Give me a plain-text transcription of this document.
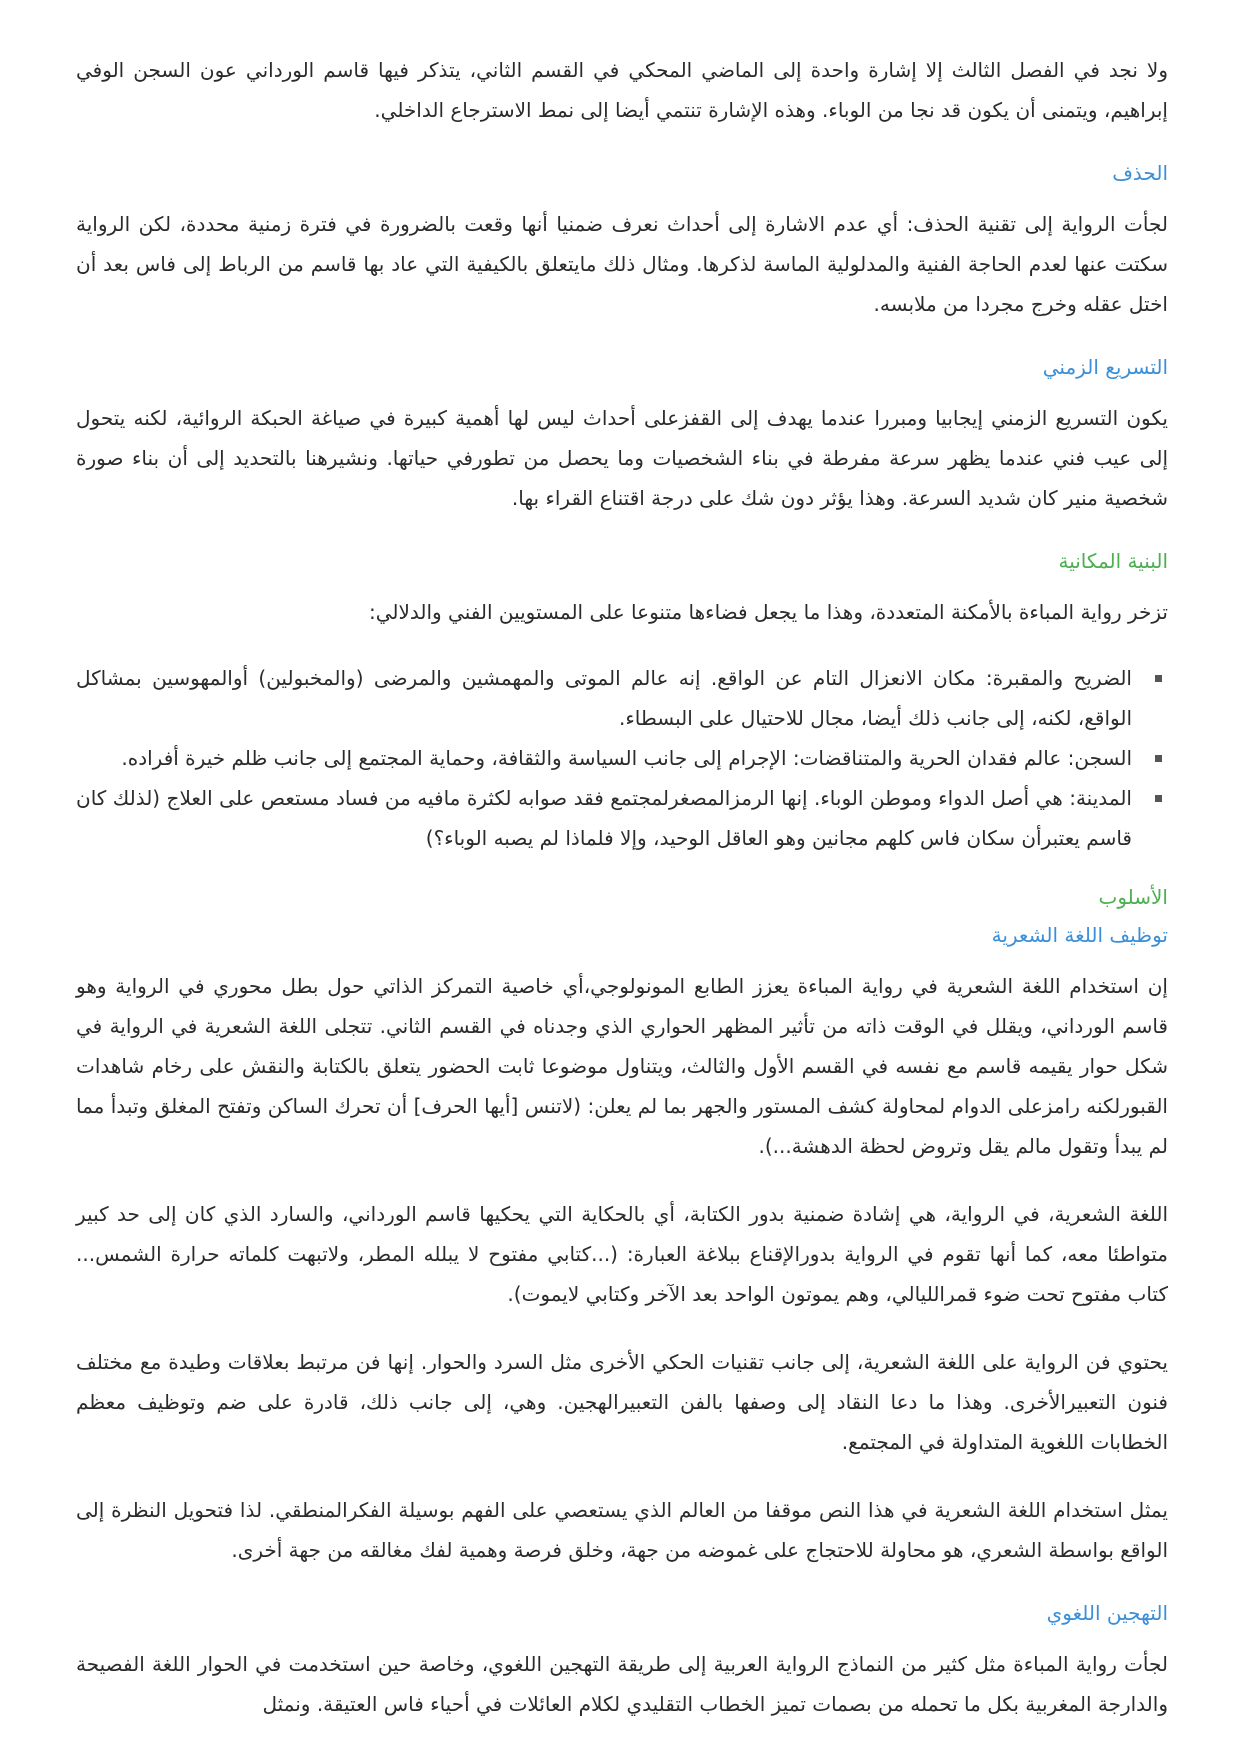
ولا نجد في الفصل الثالث إلا إشارة واحدة إلى الماضي المحكي في القسم الثاني، يتذكر فيها قاسم الورداني عون السجن الوفي إبراهيم، ويتمنى أن يكون قد نجا من الوباء. وهذه الإشارة تنتمي أيضا إلى نمط الاسترجاع الداخلي.

الحذف

لجأت الرواية إلى تقنية الحذف: أي عدم الاشارة إلى أحداث نعرف ضمنيا أنها وقعت بالضرورة في فترة زمنية محددة، لكن الرواية سكتت عنها لعدم الحاجة الفنية والمدلولية الماسة لذكرها. ومثال ذلك مايتعلق بالكيفية التي عاد بها قاسم من الرباط إلى فاس بعد أن اختل عقله وخرج مجردا من ملابسه.

التسريع الزمني

يكون التسريع الزمني إيجابيا ومبررا عندما يهدف إلى القفزعلى أحداث ليس لها أهمية كبيرة في صياغة الحبكة الروائية، لكنه يتحول إلى عيب فني عندما يظهر سرعة مفرطة في بناء الشخصيات وما يحصل من تطورفي حياتها. ونشيرهنا بالتحديد إلى أن بناء صورة شخصية منير كان شديد السرعة. وهذا يؤثر دون شك على درجة اقتناع القراء بها.

البنية المكانية

تزخر رواية المباءة بالأمكنة المتعددة، وهذا ما يجعل فضاءها متنوعا على المستويين الفني والدلالي:

الضريح والمقبرة: مكان الانعزال التام عن الواقع. إنه عالم الموتى والمهمشين والمرضى (والمخبولين) أوالمهوسين بمشاكل الواقع، لكنه، إلى جانب ذلك أيضا، مجال للاحتيال على البسطاء.
السجن: عالم فقدان الحرية والمتناقضات: الإجرام إلى جانب السياسة والثقافة، وحماية المجتمع إلى جانب ظلم خيرة أفراده.
المدينة: هي أصل الدواء وموطن الوباء. إنها الرمزالمصغرلمجتمع فقد صوابه لكثرة مافيه من فساد مستعص على العلاج (لذلك كان قاسم يعتبرأن سكان فاس كلهم مجانين وهو العاقل الوحيد، وإلا فلماذا لم يصبه الوباء؟)
الأسلوب
توظيف اللغة الشعرية

إن استخدام اللغة الشعرية في رواية المباءة يعزز الطابع المونولوجي،أي خاصية التمركز الذاتي حول بطل محوري في الرواية وهو قاسم الورداني، ويقلل في الوقت ذاته من تأثير المظهر الحواري الذي وجدناه في القسم الثاني. تتجلى اللغة الشعرية في الرواية في شكل حوار يقيمه قاسم مع نفسه في القسم الأول والثالث، ويتناول موضوعا ثابت الحضور يتعلق بالكتابة والنقش على رخام شاهدات القبورلكنه رامزعلى الدوام لمحاولة كشف المستور والجهر بما لم يعلن: (لاتنس [أيها الحرف] أن تحرك الساكن وتفتح المغلق وتبدأ مما لم يبدأ وتقول مالم يقل وتروض لحظة الدهشة...).

اللغة الشعرية، في الرواية، هي إشادة ضمنية بدور الكتابة، أي بالحكاية التي يحكيها قاسم الورداني، والسارد الذي كان إلى حد كبير متواطئا معه، كما أنها تقوم في الرواية بدورالإقناع ببلاغة العبارة: (...كتابي مفتوح لا يبلله المطر، ولاتبهت كلماته حرارة الشمس... كتاب مفتوح تحت ضوء قمرالليالي، وهم يموتون الواحد بعد الآخر وكتابي لايموت).

يحتوي فن الرواية على اللغة الشعرية، إلى جانب تقنيات الحكي الأخرى مثل السرد والحوار. إنها فن مرتبط بعلاقات وطيدة مع مختلف فنون التعبيرالأخرى. وهذا ما دعا النقاد إلى وصفها بالفن التعبيرالهجين. وهي، إلى جانب ذلك، قادرة على ضم وتوظيف معظم الخطابات اللغوية المتداولة في المجتمع.

يمثل استخدام اللغة الشعرية في هذا النص موقفا من العالم الذي يستعصي على الفهم بوسيلة الفكرالمنطقي. لذا فتحويل النظرة إلى الواقع بواسطة الشعري، هو محاولة للاحتجاج على غموضه من جهة، وخلق فرصة وهمية لفك مغالقه من جهة أخرى.

التهجين اللغوي

لجأت رواية المباءة مثل كثير من النماذج الرواية العربية إلى طريقة التهجين اللغوي، وخاصة حين استخدمت في الحوار اللغة الفصيحة والدارجة المغربية بكل ما تحمله من بصمات تميز الخطاب التقليدي لكلام العائلات في أحياء فاس العتيقة. ونمثل
